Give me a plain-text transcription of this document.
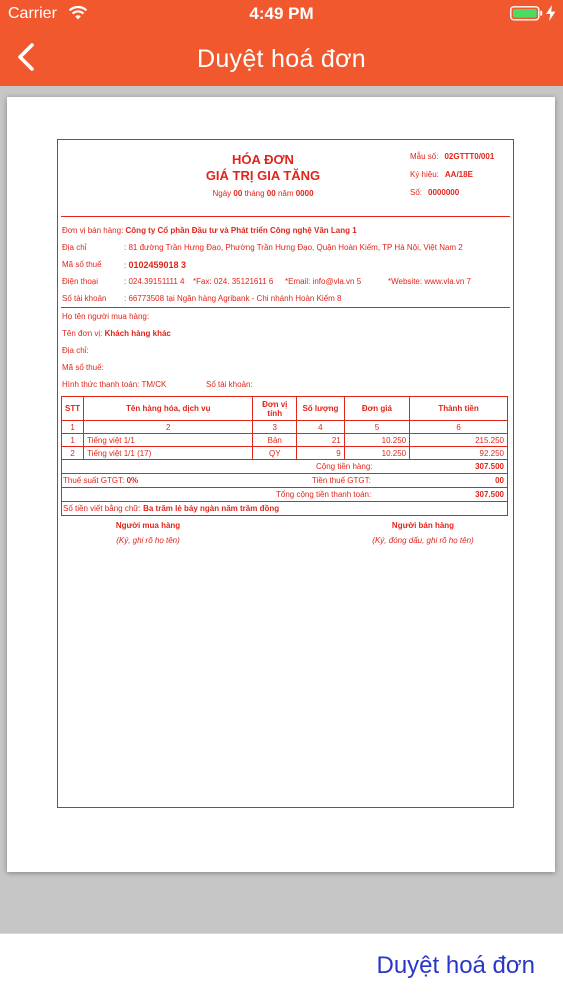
Carrier	4:49 PM
Duyệt hoá đơn
HÓA ĐƠN
GIÁ TRỊ GIA TĂNG
Ngày 00 tháng 00 năm 0000
Mẫu số: 02GTTT0/001
Ký hiệu: AA/18E
Số: 0000000
Đơn vị bán hàng: Công ty Cổ phần Đầu tư và Phát triển Công nghệ Văn Lang 1
Địa chỉ	: 81 đường Trần Hưng Đạo, Phường Trần Hưng Đạo, Quận Hoàn Kiếm, TP Hà Nội, Việt Nam 2
Mã số thuế	: 0102459018 3
Điện thoại	: 024.39151111 4 *Fax: 024. 35121611 6 *Email: info@vla.vn 5	*Website: www.vla.vn 7
Số tài khoản : 66773508 tại Ngân hàng Agribank - Chi nhánh Hoàn Kiếm 8
Họ tên người mua hàng:
Tên đơn vị: Khách hàng khác
Địa chỉ:
Mã số thuế:
Hình thức thanh toán: TM/CK	Số tài khoản:
STT	Tên hàng hóa, dịch vụ	Đơn vị tính	Số lượng	Đơn giá	Thành tiền
1	2	3	4	5	6
1	Tiếng việt 1/1	Bản	21	10.250	215.250
2	Tiếng việt 1/1 (17)	QY	9	10.250	92.250
Cộng tiền hàng:	307.500
Thuế suất GTGT: 0%	Tiền thuế GTGT:	00
Tổng cộng tiền thanh toán:	307.500
Số tiền viết bằng chữ: Ba trăm lẻ bảy ngàn năm trăm đồng
Người mua hàng
(Ký, ghi rõ họ tên)
Người bán hàng
(Ký, đóng dấu, ghi rõ họ tên)
Duyệt hoá đơn
